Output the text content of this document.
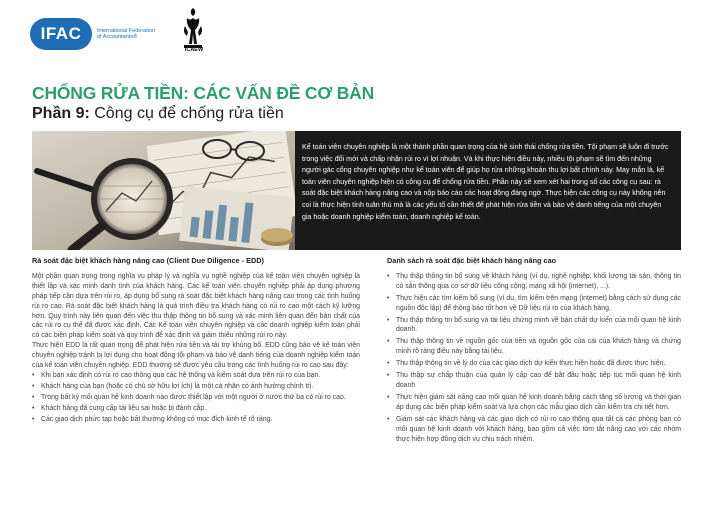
IFAC	International Federation of Accountants®
ICAEW
CHỐNG RỬA TIỀN: CÁC VẤN ĐỀ CƠ BẢN
Phần 9: Công cụ để chống rửa tiền
Kế toán viên chuyên nghiệp là một thành phần quan trọng của hệ sinh thái chống rửa tiền. Tội phạm sẽ luôn đi trước trong việc đổi mới và chấp nhận rủi ro vì lợi nhuận. Và khi thực hiện điều này, nhiều tội phạm sẽ tìm đến những người gác cổng chuyên nghiệp như kế toán viên để giúp họ rửa những khoản thu lợi bất chính này. May mắn là, kế toán viên chuyên nghiệp hiện có công cụ để chống rửa tiền. Phần này sẽ xem xét hai trong số các công cụ sau: rà soát đặc biệt khách hàng nâng cao và nộp báo cáo các hoạt động đáng ngờ. Thực hiện các công cụ này không nên coi là thực hiện tính tuân thủ mà là các yếu tố cần thiết để phát hiện rửa tiền và bảo vệ danh tiếng của một chuyên gia hoặc doanh nghiệp kiểm toán, doanh nghiệp kế toán.
Rà soát đặc biệt khách hàng nâng cao (Client Due Diligence - EDD)
Một phần quan trọng trong nghĩa vụ pháp lý và nghĩa vụ nghề nghiệp của kế toán viên chuyên nghiệp là thiết lập và xác minh danh tính của khách hàng. Các kế toán viên chuyên nghiệp phải áp dụng phương pháp tiếp cận dựa trên rủi ro, áp dụng bổ sung rà soát đặc biệt khách hàng nâng cao trong các tình huống rủi ro cao. Rà soát đặc biệt khách hàng là quá trình điều tra khách hàng có rủi ro cao một cách kỹ lưỡng hơn. Quy trình này liên quan đến việc thu thập thông tin bổ sung và xác minh liên quan đến bản chất của các rủi ro cụ thể đã được xác định. Các Kế toán viên chuyên nghiệp và các doanh nghiệp kiểm toán phải có các biện pháp kiểm soát và quy trình để xác định và giảm thiểu những rủi ro này.
Thực hiện EDD là rất quan trọng để phát hiện rửa tiền và tài trợ khủng bố. EDD cũng bảo vệ kế toán viên chuyên nghiệp tránh bị lợi dụng cho hoạt động tội phạm và bảo vệ danh tiếng của doanh nghiệp kiểm toán của kế toán viên chuyên nghiệp. EDD thường sẽ được yêu cầu trong các tình huống rủi ro cao sau đây:
• Khi bạn xác định có rủi ro cao thông qua các hệ thống và kiểm soát dựa trên rủi ro của bạn.
• Khách hàng của bạn (hoặc có chủ sở hữu lợi ích) là một cá nhân có ảnh hưởng chính trị.
• Trong bất kỳ mối quan hệ kinh doanh nào được thiết lập với một người ở nước thứ ba có rủi ro cao.
• Khách hàng đã cung cấp tài liệu sai hoặc bị đánh cắp.
• Các giao dịch phức tạp hoặc bất thường không có mục đích kinh tế rõ ràng.
Danh sách rà soát đặc biệt khách hàng nâng cao
• Thu thập thông tin bổ sung về khách hàng (ví dụ, nghề nghiệp, khối lượng tài sản, thông tin có sẵn thông qua cơ sở dữ liệu công cộng, mạng xã hội (internet), ...).
• Thực hiện các tìm kiếm bổ sung (ví dụ, tìm kiếm trên mạng (internet) bằng cách sử dụng các nguồn độc lập) để thông báo tốt hơn về Dữ liệu rủi ro của khách hàng.
• Thu thập thông tin bổ sung và tài liệu chứng minh về bản chất dự kiến của mối quan hệ kinh doanh.
• Thu thập thông tin về nguồn gốc của tiền và nguồn gốc của cải của khách hàng và chứng minh rõ ràng điều này bằng tài liệu.
• Thu thập thông tin về lý do của các giao dịch dự kiến thực hiện hoặc đã được thực hiện.
• Thu thập sự chấp thuận của quản lý cấp cao để bắt đầu hoặc tiếp tục mối quan hệ kinh doanh
• Thực hiện giám sát nâng cao mối quan hệ kinh doanh bằng cách tăng số lượng và thời gian áp dụng các biện pháp kiểm soát và lựa chọn các mẫu giao dịch cần kiểm tra chi tiết hơn.
• Giám sát các khách hàng và các giao dịch có rủi ro cao thông qua tất cả các phòng ban có mối quan hệ kinh doanh với khách hàng, bao gồm cả việc tóm tắt nâng cao với các nhóm thực hiện hợp đồng dịch vụ chịu trách nhiệm.
